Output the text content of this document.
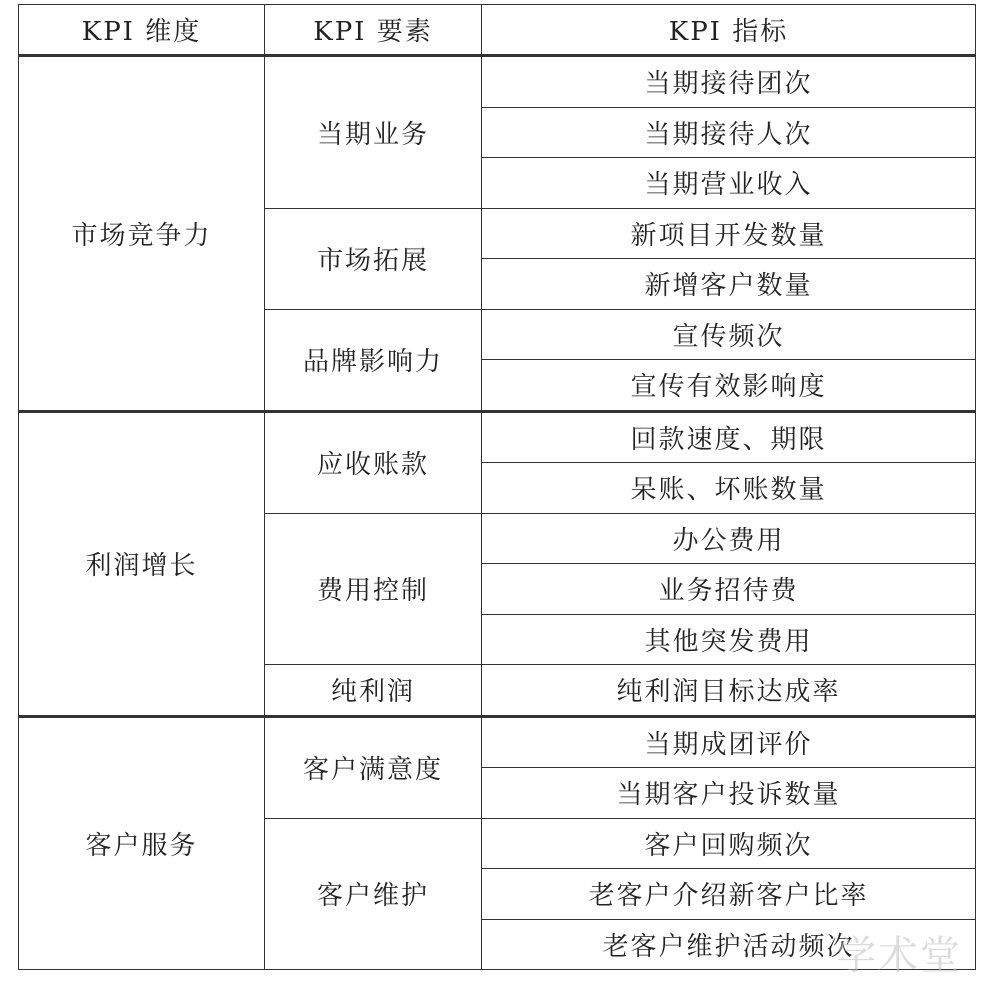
KPI 维度	KPI 要素	KPI 指标
市场竞争力	当期业务	当期接待团次
		当期接待人次
		当期营业收入
	市场拓展	新项目开发数量
		新增客户数量
	品牌影响力	宣传频次
		宣传有效影响度
利润增长	应收账款	回款速度、期限
		呆账、坏账数量
	费用控制	办公费用
		业务招待费
		其他突发费用
	纯利润	纯利润目标达成率
客户服务	客户满意度	当期成团评价
		当期客户投诉数量
	客户维护	客户回购频次
		老客户介绍新客户比率
		老客户维护活动频次
学术堂
